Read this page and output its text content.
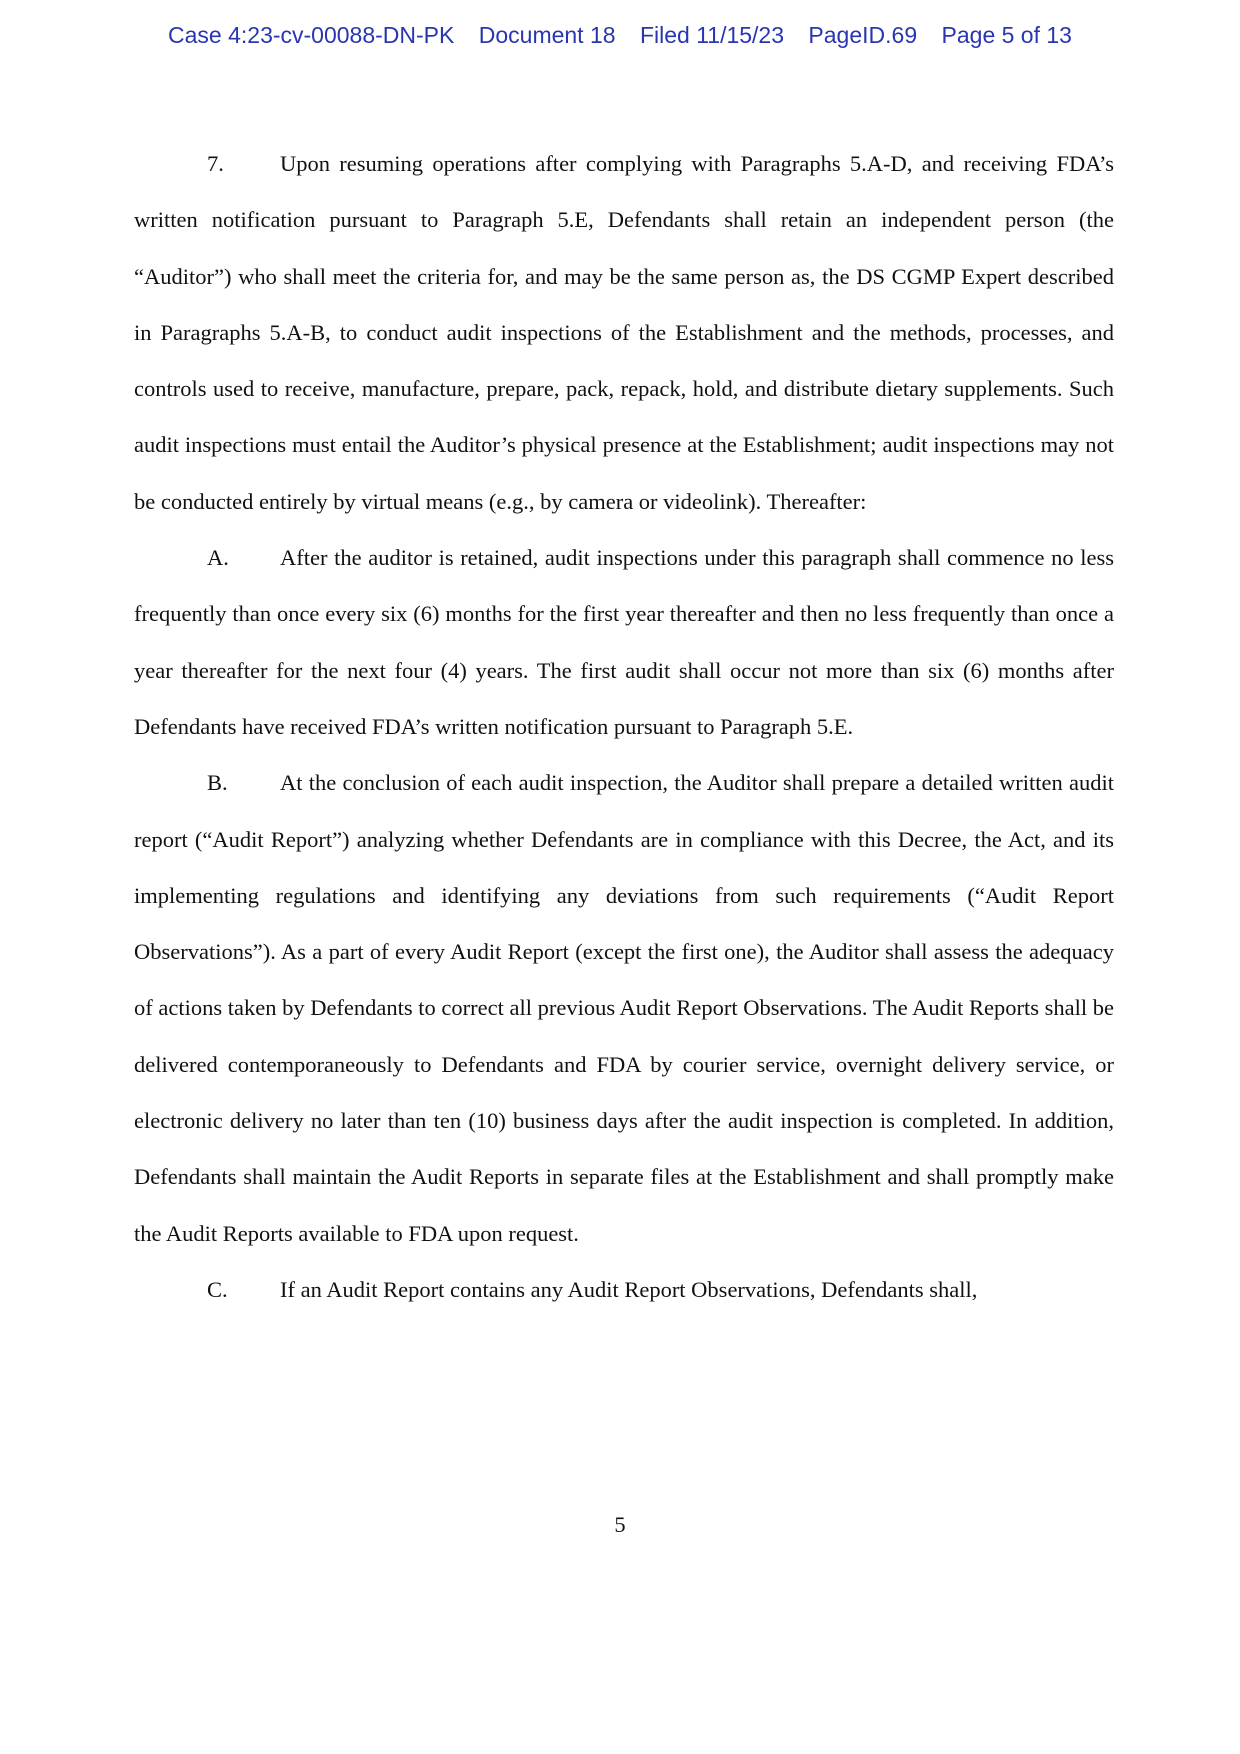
Case 4:23-cv-00088-DN-PK Document 18 Filed 11/15/23 PageID.69 Page 5 of 13

7. Upon resuming operations after complying with Paragraphs 5.A-D, and receiving FDA’s written notification pursuant to Paragraph 5.E, Defendants shall retain an independent person (the “Auditor”) who shall meet the criteria for, and may be the same person as, the DS CGMP Expert described in Paragraphs 5.A-B, to conduct audit inspections of the Establishment and the methods, processes, and controls used to receive, manufacture, prepare, pack, repack, hold, and distribute dietary supplements. Such audit inspections must entail the Auditor’s physical presence at the Establishment; audit inspections may not be conducted entirely by virtual means (e.g., by camera or videolink). Thereafter:

A. After the auditor is retained, audit inspections under this paragraph shall commence no less frequently than once every six (6) months for the first year thereafter and then no less frequently than once a year thereafter for the next four (4) years. The first audit shall occur not more than six (6) months after Defendants have received FDA’s written notification pursuant to Paragraph 5.E.

B. At the conclusion of each audit inspection, the Auditor shall prepare a detailed written audit report (“Audit Report”) analyzing whether Defendants are in compliance with this Decree, the Act, and its implementing regulations and identifying any deviations from such requirements (“Audit Report Observations”). As a part of every Audit Report (except the first one), the Auditor shall assess the adequacy of actions taken by Defendants to correct all previous Audit Report Observations. The Audit Reports shall be delivered contemporaneously to Defendants and FDA by courier service, overnight delivery service, or electronic delivery no later than ten (10) business days after the audit inspection is completed. In addition, Defendants shall maintain the Audit Reports in separate files at the Establishment and shall promptly make the Audit Reports available to FDA upon request.

C. If an Audit Report contains any Audit Report Observations, Defendants shall,

5
